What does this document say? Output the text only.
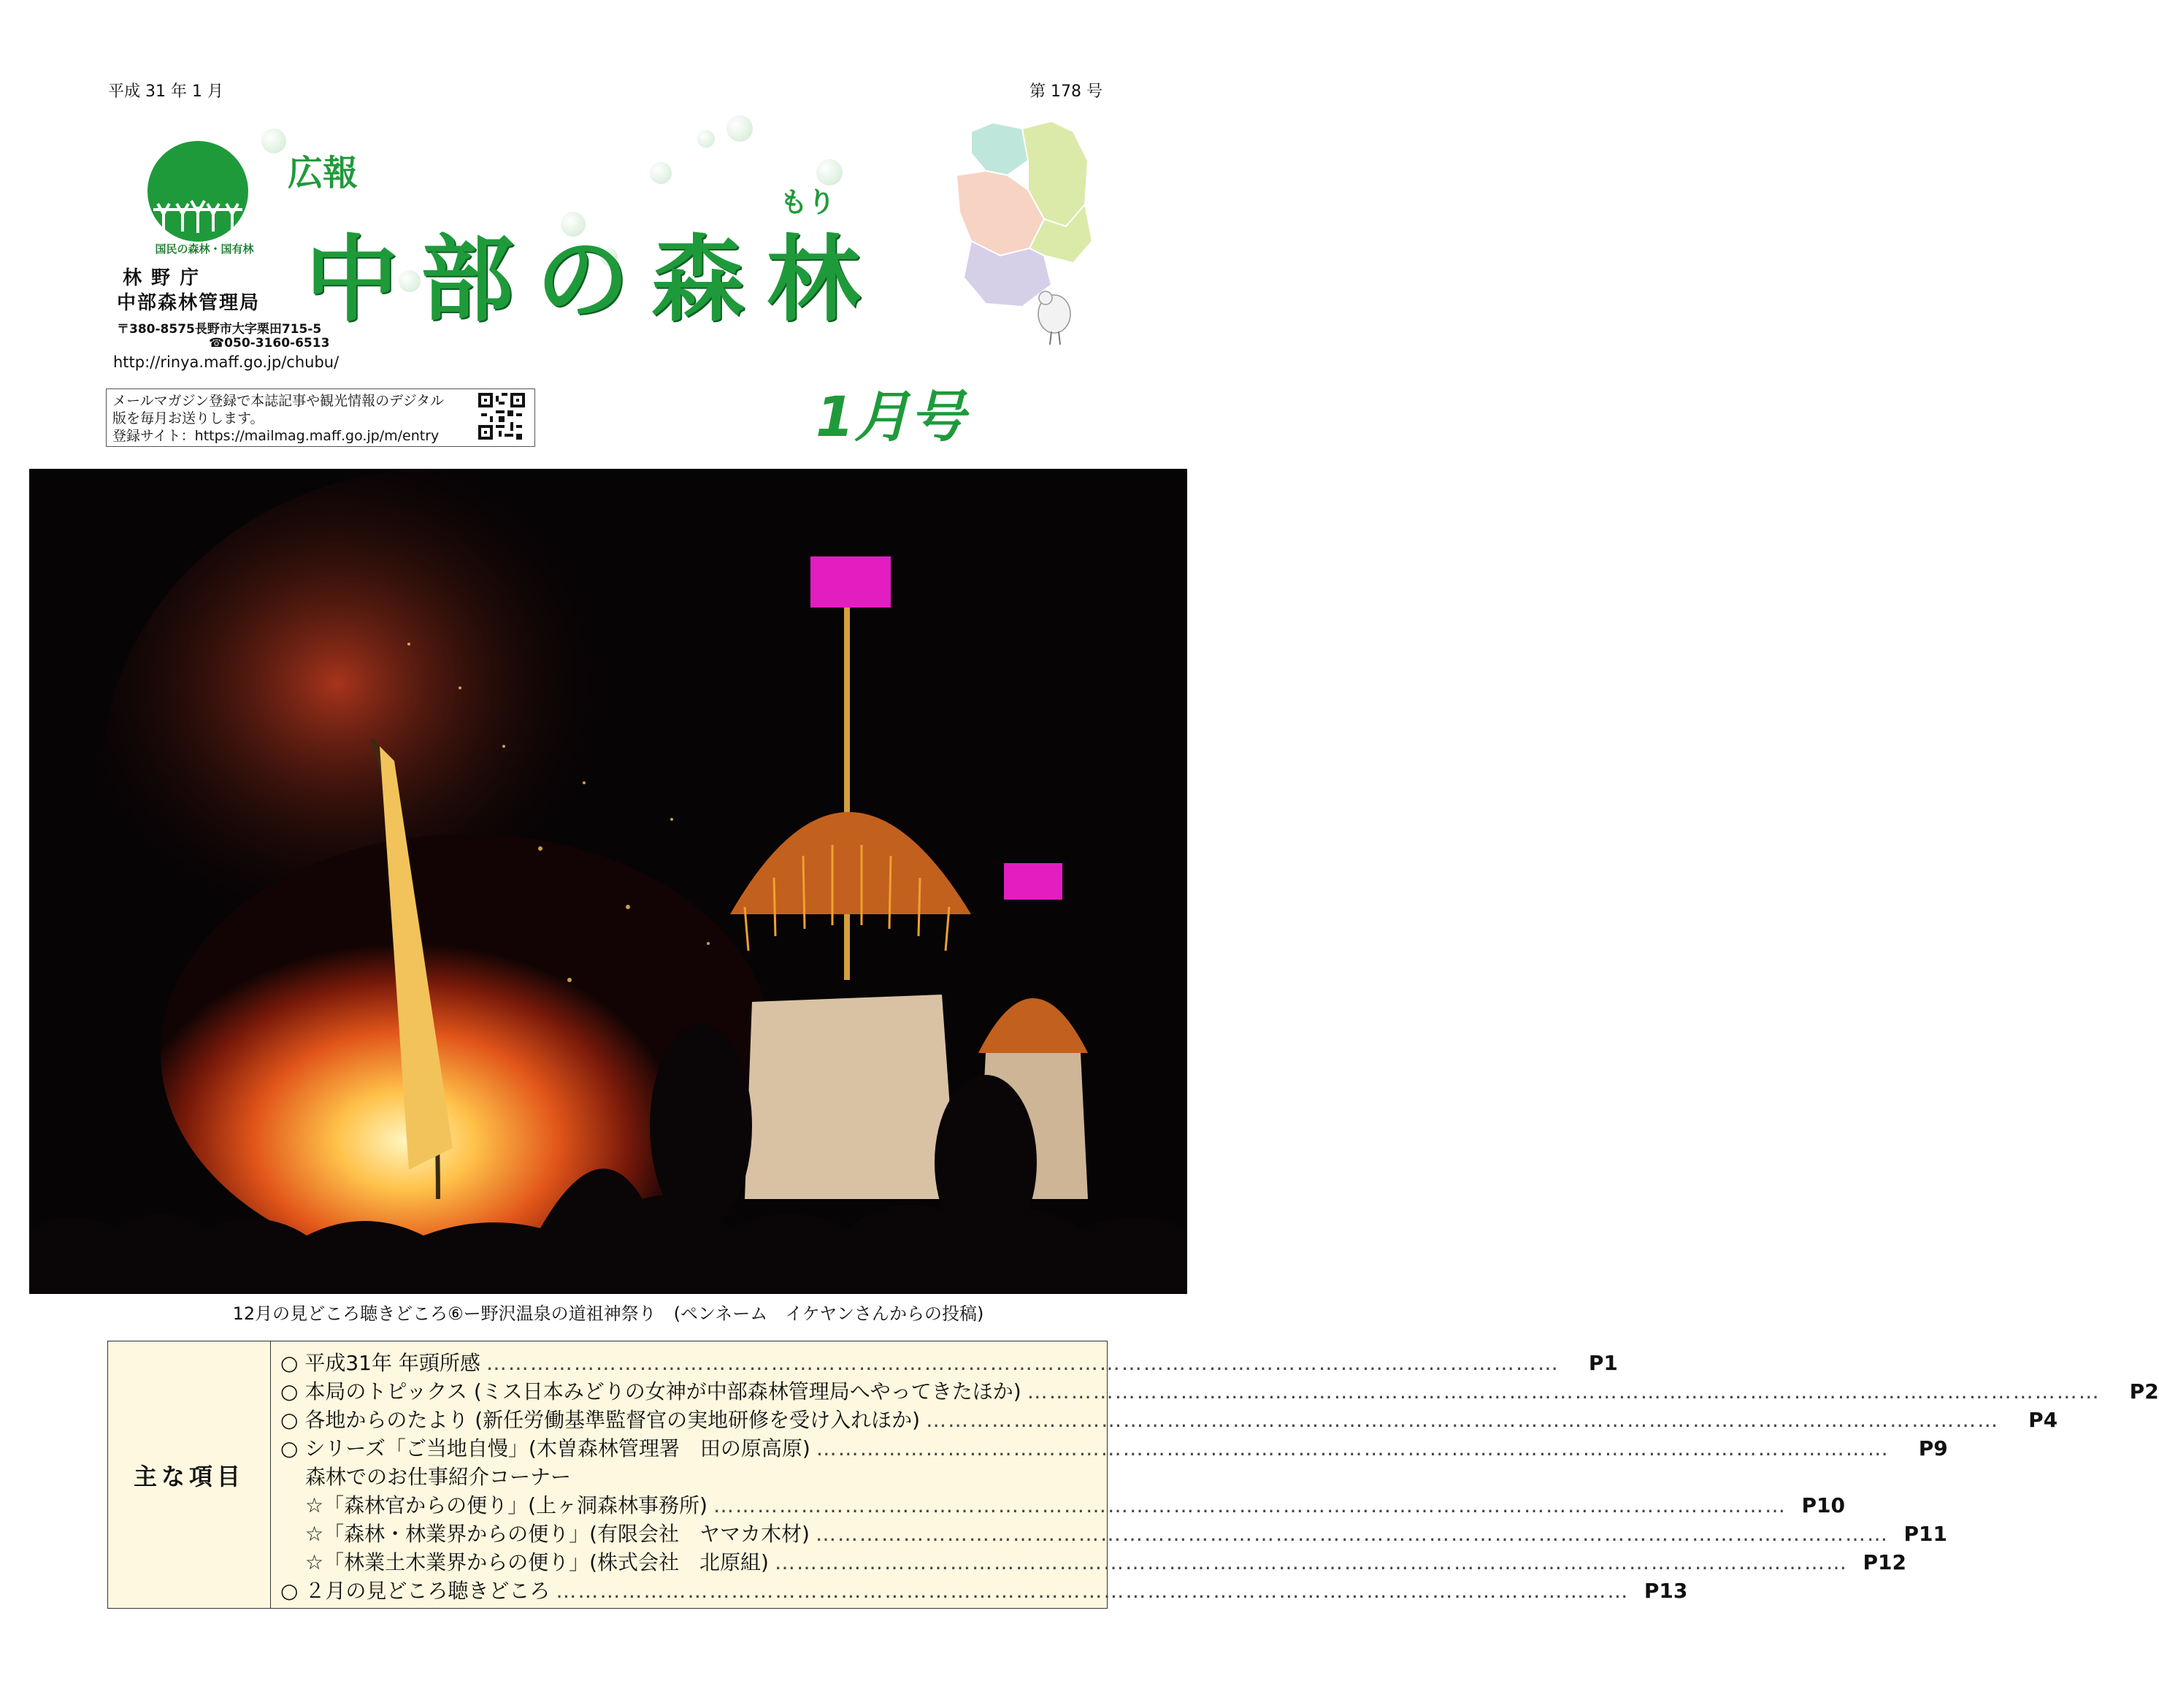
平成 31 年 1 月	第 178 号
国民の森林・国有林
林 野 庁
中部森林管理局
〒380-8575長野市大字栗田715-5
☎050-3160-6513
http://rinya.maff.go.jp/chubu/
メールマガジン登録で本誌記事や観光情報のデジタル
版を毎月お送りします。
登録サイト：https://mailmag.maff.go.jp/m/entry
広報
中部の森林
もり
1月号
12月の見どころ聴きどころ⑥ー野沢温泉の道祖神祭り　(ペンネーム　イケヤンさんからの投稿)
主な項目
○ 平成31年 年頭所感 …………………………………………………………………………………………………………………………………	P1
○ 本局のトピックス (ミス日本みどりの女神が中部森林管理局へやってきたほか) …………………………………………………………………………………………………………………………………	P2
○ 各地からのたより (新任労働基準監督官の実地研修を受け入れほか) …………………………………………………………………………………………………………………………………	P4
○ シリーズ「ご当地自慢」(木曽森林管理署　田の原高原) …………………………………………………………………………………………………………………………………	P9
森林でのお仕事紹介コーナー
☆「森林官からの便り」(上ヶ洞森林事務所) ………………………………………………………………………………………………………………………………… P10
☆「森林・林業界からの便り」(有限会社　ヤマカ木材) ………………………………………………………………………………………………………………………………… P11
☆「林業土木業界からの便り」(株式会社　北原組) ………………………………………………………………………………………………………………………………… P12
○ ２月の見どころ聴きどころ ………………………………………………………………………………………………………………………………… P13
